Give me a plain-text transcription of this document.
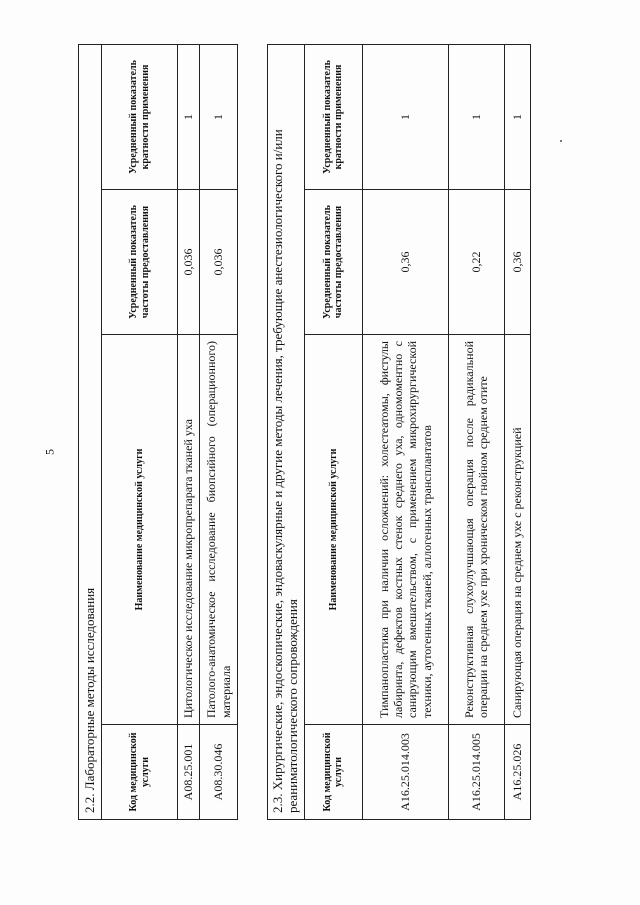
5
2.2. Лабораторные методы исследования			
Код медицинской услуги	Наименование медицинской услуги	Усредненный показатель частоты предоставления	Усредненный показатель кратности применения
A08.25.001	Цитологическое исследование микропрепарата тканей уха	0,036	1
A08.30.046	Патолого-анатомическое исследование биопсийного (операционного) материала	0,036	1
2.3. Хирургические, эндоскопические, эндоваскулярные и другие методы лечения, требующие анестезиологического и/или реаниматологического сопровождения			
Код медицинской услуги	Наименование медицинской услуги	Усредненный показатель частоты предоставления	Усредненный показатель кратности применения
A16.25.014.003	Тимпанопластика при наличии осложнений: холестеатомы, фистулы лабиринта, дефектов костных стенок среднего уха, одномоментно с санирующим вмешательством, с применением микрохирургической техники, аутогенных тканей, аллогенных трансплантатов	0,36	1
A16.25.014.005	Реконструктивная слухоулучшающая операция после радикальной операции на среднем ухе при хроническом гнойном среднем отите	0,22	1
A16.25.026	Санирующая операция на среднем ухе с реконструкцией	0,36	1
